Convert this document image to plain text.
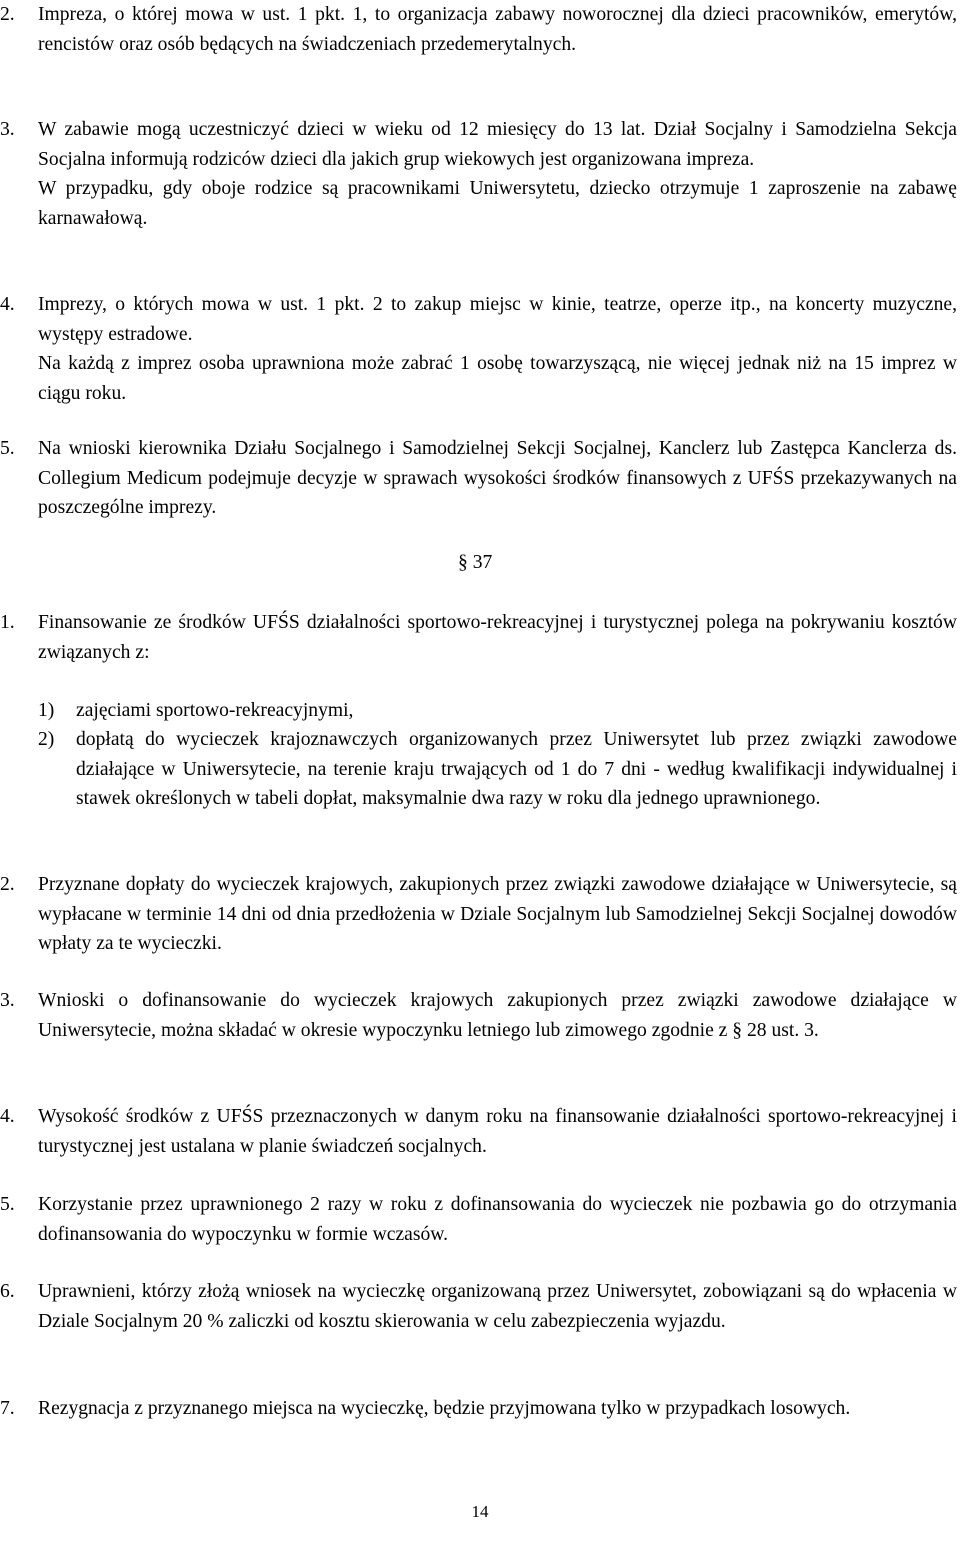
2.	Impreza, o której mowa w ust. 1 pkt. 1, to organizacja zabawy noworocznej dla dzieci pracowników, emerytów, rencistów oraz osób będących na świadczeniach przedemerytalnych.

3.	W zabawie mogą uczestniczyć dzieci w wieku od 12 miesięcy do 13 lat. Dział Socjalny i Samodzielna Sekcja Socjalna informują rodziców dzieci dla jakich grup wiekowych jest organizowana impreza.

W przypadku, gdy oboje rodzice są pracownikami Uniwersytetu, dziecko otrzymuje 1 zaproszenie na zabawę karnawałową.

4.	Imprezy, o których mowa w ust. 1 pkt. 2 to zakup miejsc w kinie, teatrze, operze itp., na koncerty muzyczne, występy estradowe.

Na każdą z imprez osoba uprawniona może zabrać 1 osobę towarzyszącą, nie więcej jednak niż na 15 imprez w ciągu roku.

5.	Na wnioski kierownika Działu Socjalnego i Samodzielnej Sekcji Socjalnej, Kanclerz lub Zastępca Kanclerza ds. Collegium Medicum podejmuje decyzje w sprawach wysokości środków finansowych z UFŚS przekazywanych na poszczególne imprezy.

§ 37
1.	Finansowanie ze środków UFŚS działalności sportowo-rekreacyjnej i turystycznej polega na pokrywaniu kosztów związanych z:

1)	zajęciami sportowo-rekreacyjnymi,
2)	dopłatą do wycieczek krajoznawczych organizowanych przez Uniwersytet lub przez związki zawodowe działające w Uniwersytecie, na terenie kraju trwających od 1 do 7 dni - według kwalifikacji indywidualnej i stawek określonych w tabeli dopłat, maksymalnie dwa razy w roku dla jednego uprawnionego.
2.	Przyznane dopłaty do wycieczek krajowych, zakupionych przez związki zawodowe działające w Uniwersytecie, są wypłacane w terminie 14 dni od dnia przedłożenia w Dziale Socjalnym lub Samodzielnej Sekcji Socjalnej dowodów wpłaty za te wycieczki.
3.	Wnioski o dofinansowanie do wycieczek krajowych zakupionych przez związki zawodowe działające w Uniwersytecie, można składać w okresie wypoczynku letniego lub zimowego zgodnie z § 28 ust. 3.
4.	Wysokość środków z UFŚS przeznaczonych w danym roku na finansowanie działalności sportowo-rekreacyjnej i turystycznej jest ustalana w planie świadczeń socjalnych.
5.	Korzystanie przez uprawnionego 2 razy w roku z dofinansowania do wycieczek nie pozbawia go do otrzymania dofinansowania do wypoczynku w formie wczasów.
6.	Uprawnieni, którzy złożą wniosek na wycieczkę organizowaną przez Uniwersytet, zobowiązani są do wpłacenia w Dziale Socjalnym 20 % zaliczki od kosztu skierowania w celu zabezpieczenia wyjazdu.
7.	Rezygnacja z przyznanego miejsca na wycieczkę, będzie przyjmowana tylko w przypadkach losowych.
14
